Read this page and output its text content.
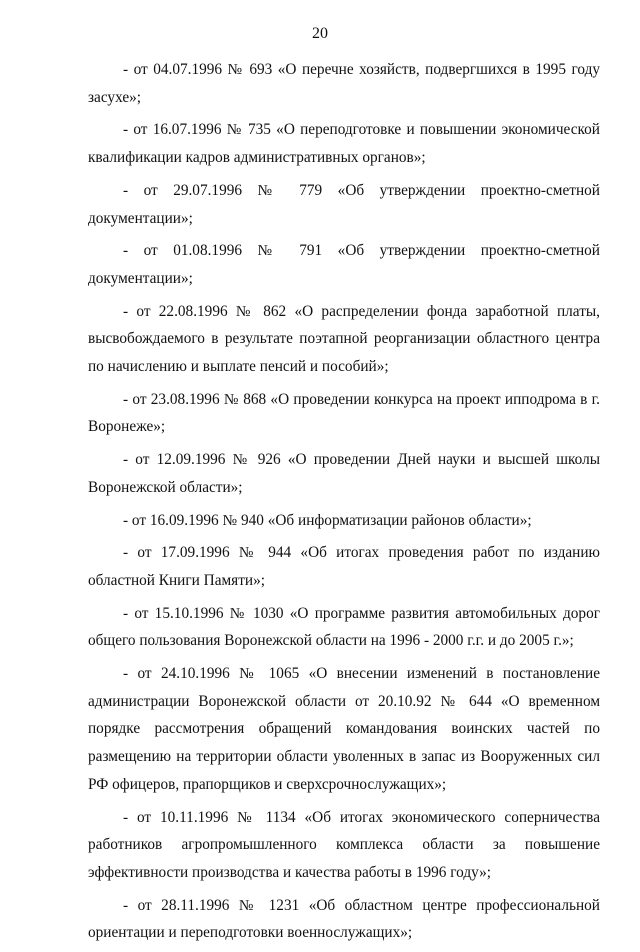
20

- от 04.07.1996 № 693 «О перечне хозяйств, подвергшихся в 1995 году засухе»;

- от 16.07.1996 № 735 «О переподготовке и повышении экономической квалификации кадров административных органов»;

- от 29.07.1996 № 779 «Об утверждении проектно-сметной документации»;

- от 01.08.1996 № 791 «Об утверждении проектно-сметной документации»;

- от 22.08.1996 № 862 «О распределении фонда заработной платы, высвобождаемого в результате поэтапной реорганизации областного центра по начислению и выплате пенсий и пособий»;

- от 23.08.1996 № 868 «О проведении конкурса на проект ипподрома в г. Воронеже»;

- от 12.09.1996 № 926 «О проведении Дней науки и высшей школы Воронежской области»;

- от 16.09.1996 № 940 «Об информатизации районов области»;

- от 17.09.1996 № 944 «Об итогах проведения работ по изданию областной Книги Памяти»;

- от 15.10.1996 № 1030 «О программе развития автомобильных дорог общего пользования Воронежской области на 1996 - 2000 г.г. и до 2005 г.»;

- от 24.10.1996 № 1065 «О внесении изменений в постановление администрации Воронежской области от 20.10.92 № 644 «О временном порядке рассмотрения обращений командования воинских частей по размещению на территории области уволенных в запас из Вооруженных сил РФ офицеров, прапорщиков и сверхсрочнослужащих»;

- от 10.11.1996 № 1134 «Об итогах экономического соперничества работников агропромышленного комплекса области за повышение эффективности производства и качества работы в 1996 году»;

- от 28.11.1996 № 1231 «Об областном центре профессиональной ориентации и переподготовки военнослужащих»;
